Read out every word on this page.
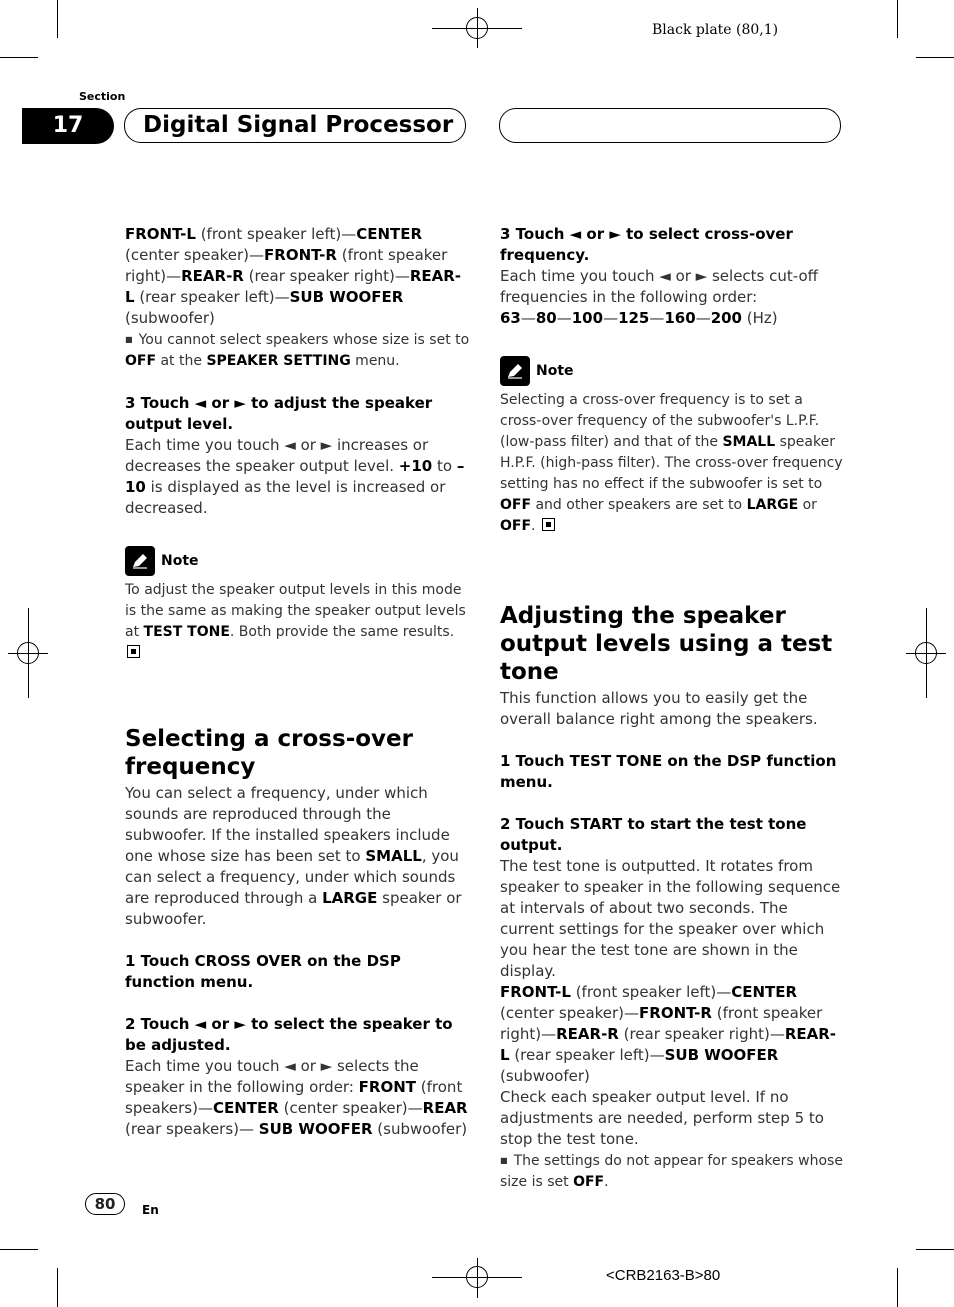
Black plate (80,1)
Section
17	Digital Signal Processor

FRONT-L (front speaker left)—CENTER (center speaker)—FRONT-R (front speaker right)—REAR-R (rear speaker right)—REAR-L (rear speaker left)—SUB WOOFER (subwoofer)

■ You cannot select speakers whose size is set to OFF at the SPEAKER SETTING menu.

3 Touch ◄ or ► to adjust the speaker output level.

Each time you touch ◄ or ► increases or decreases the speaker output level. +10 to –10 is displayed as the level is increased or decreased.

Note

To adjust the speaker output levels in this mode is the same as making the speaker output levels at TEST TONE. Both provide the same results.

Selecting a cross-over frequency

You can select a frequency, under which sounds are reproduced through the subwoofer. If the installed speakers include one whose size has been set to SMALL, you can select a frequency, under which sounds are reproduced through a LARGE speaker or subwoofer.

1 Touch CROSS OVER on the DSP function menu.

2 Touch ◄ or ► to select the speaker to be adjusted.

Each time you touch ◄ or ► selects the speaker in the following order: FRONT (front speakers)—CENTER (center speaker)—REAR (rear speakers)— SUB WOOFER (subwoofer)

3 Touch ◄ or ► to select cross-over frequency.

Each time you touch ◄ or ► selects cut-off frequencies in the following order:

63—80—100—125—160—200 (Hz)

Note

Selecting a cross-over frequency is to set a cross-over frequency of the subwoofer's L.P.F. (low-pass filter) and that of the SMALL speaker H.P.F. (high-pass filter). The cross-over frequency setting has no effect if the subwoofer is set to OFF and other speakers are set to LARGE or OFF.

Adjusting the speaker output levels using a test tone

This function allows you to easily get the overall balance right among the speakers.

1 Touch TEST TONE on the DSP function menu.

2 Touch START to start the test tone output.

The test tone is outputted. It rotates from speaker to speaker in the following sequence at intervals of about two seconds. The current settings for the speaker over which you hear the test tone are shown in the display.

FRONT-L (front speaker left)—CENTER (center speaker)—FRONT-R (front speaker right)—REAR-R (rear speaker right)—REAR-L (rear speaker left)—SUB WOOFER (subwoofer)

Check each speaker output level. If no adjustments are needed, perform step 5 to stop the test tone.

■ The settings do not appear for speakers whose size is set OFF.

80	En
<CRB2163-B>80
